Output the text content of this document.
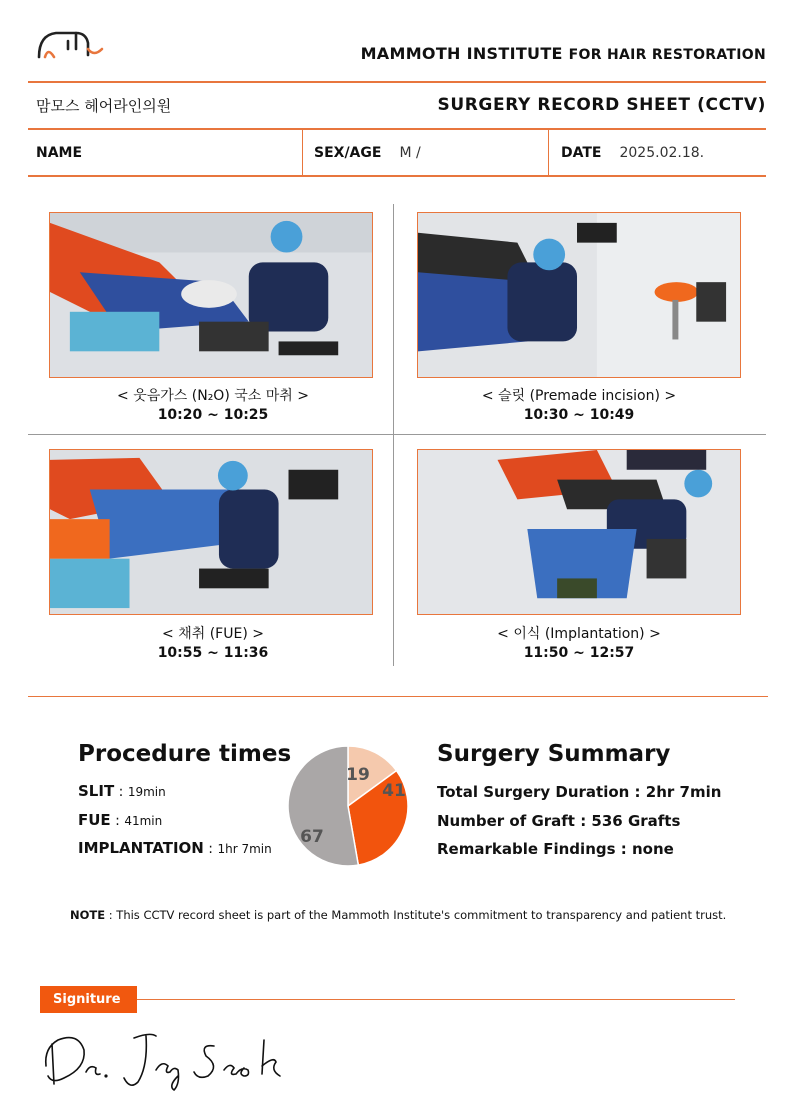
MAMMOTH INSTITUTE FOR HAIR RESTORATION
맘모스 헤어라인의원	SURGERY RECORD SHEET (CCTV)
NAME	SEX/AGE M /	DATE 2025.02.18.
< 웃음가스 (N₂O) 국소 마취 >
10:20 ~ 10:25
< 슬릿 (Premade incision) >
10:30 ~ 10:49
< 채취 (FUE) >
10:55 ~ 11:36
< 이식 (Implantation) >
11:50 ~ 12:57
Procedure times
SLIT : 19min
FUE : 41min
IMPLANTATION : 1hr 7min
19
41
67
Surgery Summary
Total Surgery Duration : 2hr 7min
Number of Graft : 536 Grafts
Remarkable Findings : none
NOTE : This CCTV record sheet is part of the Mammoth Institute's commitment to transparency and patient trust.
Signiture
